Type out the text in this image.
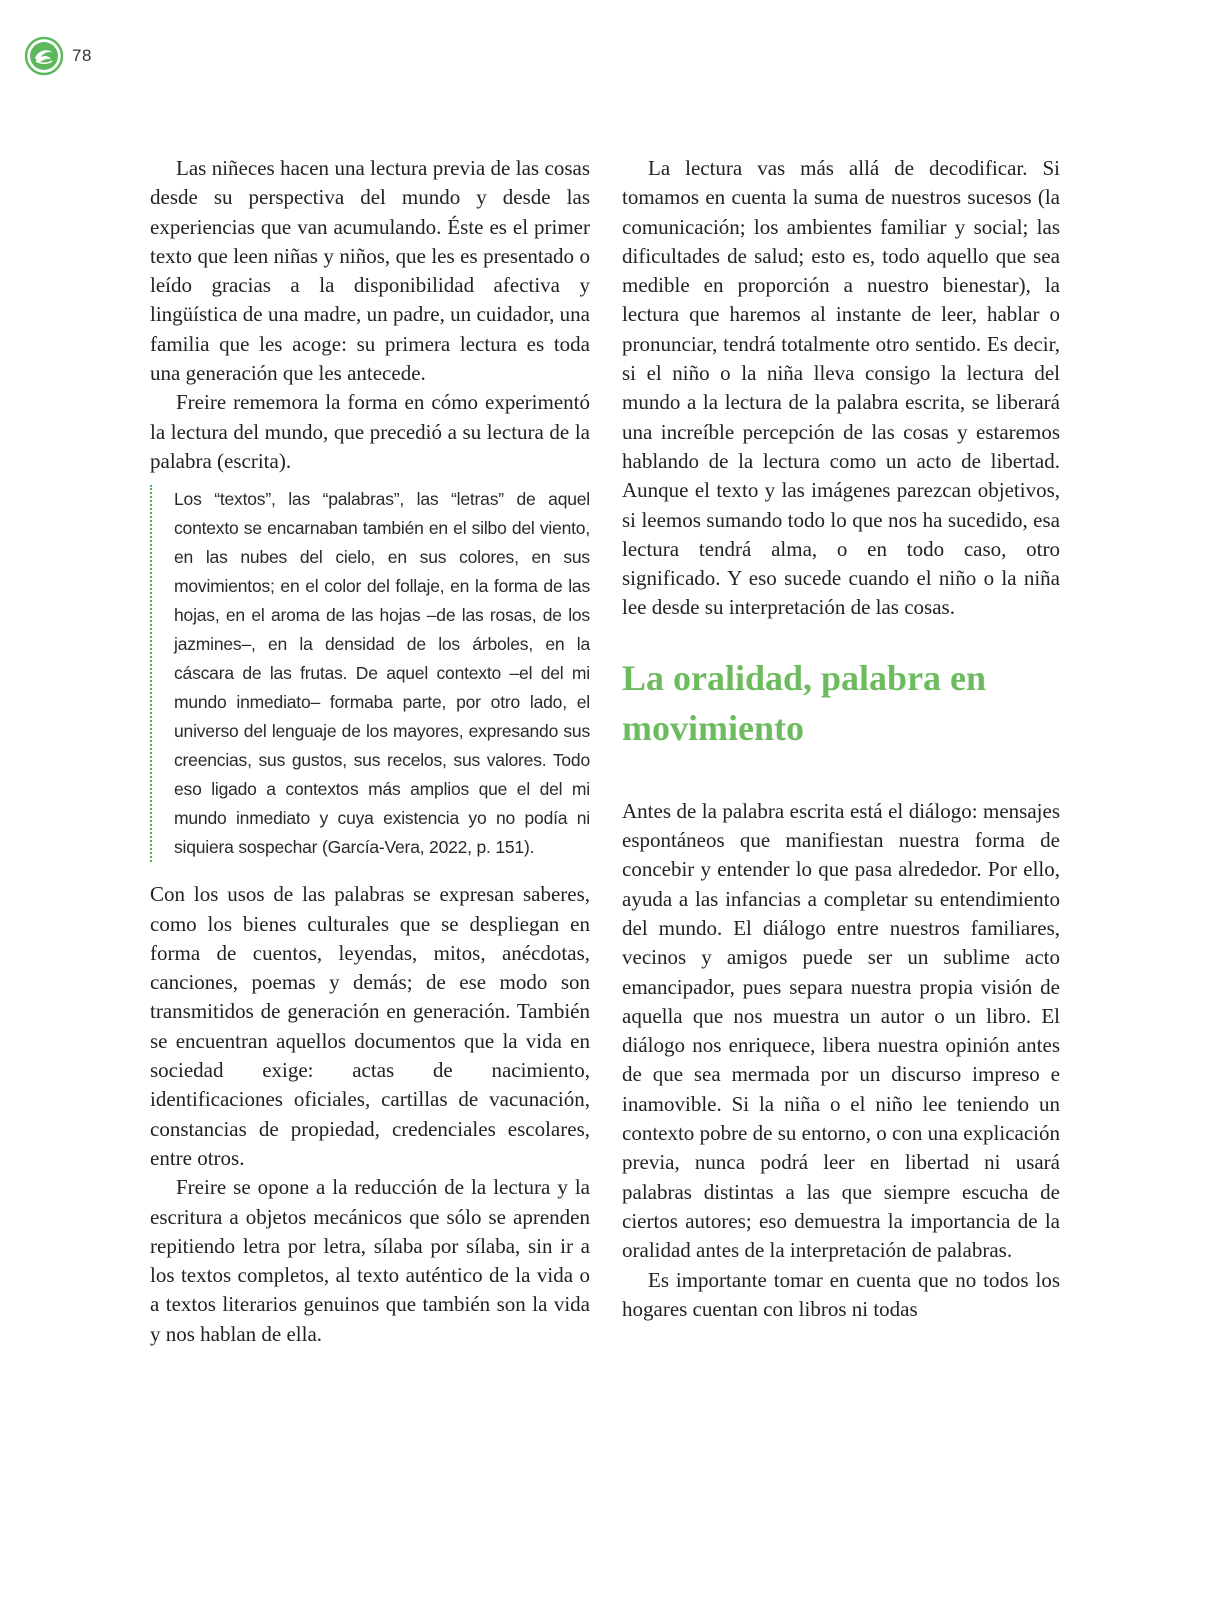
78

Las niñeces hacen una lectura previa de las cosas desde su perspectiva del mundo y desde las experiencias que van acumulando. Éste es el primer texto que leen niñas y niños, que les es presentado o leído gracias a la disponibilidad afectiva y lingüística de una madre, un padre, un cuidador, una familia que les acoge: su primera lectura es toda una generación que les antecede.

Freire rememora la forma en cómo experimentó la lectura del mundo, que precedió a su lectura de la palabra (escrita).

Los “textos”, las “palabras”, las “letras” de aquel contexto se encarnaban también en el silbo del viento, en las nubes del cielo, en sus colores, en sus movimientos; en el color del follaje, en la forma de las hojas, en el aroma de las hojas –de las rosas, de los jazmines–, en la densidad de los árboles, en la cáscara de las frutas. De aquel contexto –el del mi mundo inmediato– formaba parte, por otro lado, el universo del lenguaje de los mayores, expresando sus creencias, sus gustos, sus recelos, sus valores. Todo eso ligado a contextos más amplios que el del mi mundo inmediato y cuya existencia yo no podía ni siquiera sospechar (García-Vera, 2022, p. 151).

Con los usos de las palabras se expresan saberes, como los bienes culturales que se despliegan en forma de cuentos, leyendas, mitos, anécdotas, canciones, poemas y demás; de ese modo son transmitidos de generación en generación. También se encuentran aquellos documentos que la vida en sociedad exige: actas de nacimiento, identificaciones oficiales, cartillas de vacunación, constancias de propiedad, credenciales escolares, entre otros.

Freire se opone a la reducción de la lectura y la escritura a objetos mecánicos que sólo se aprenden repitiendo letra por letra, sílaba por sílaba, sin ir a los textos completos, al texto auténtico de la vida o a textos literarios genuinos que también son la vida y nos hablan de ella.

La lectura vas más allá de decodificar. Si tomamos en cuenta la suma de nuestros sucesos (la comunicación; los ambientes familiar y social; las dificultades de salud; esto es, todo aquello que sea medible en proporción a nuestro bienestar), la lectura que haremos al instante de leer, hablar o pronunciar, tendrá totalmente otro sentido. Es decir, si el niño o la niña lleva consigo la lectura del mundo a la lectura de la palabra escrita, se liberará una increíble percepción de las cosas y estaremos hablando de la lectura como un acto de libertad. Aunque el texto y las imágenes parezcan objetivos, si leemos sumando todo lo que nos ha sucedido, esa lectura tendrá alma, o en todo caso, otro significado. Y eso sucede cuando el niño o la niña lee desde su interpretación de las cosas.

La oralidad, palabra en movimiento

Antes de la palabra escrita está el diálogo: mensajes espontáneos que manifiestan nuestra forma de concebir y entender lo que pasa alrededor. Por ello, ayuda a las infancias a completar su entendimiento del mundo. El diálogo entre nuestros familiares, vecinos y amigos puede ser un sublime acto emancipador, pues separa nuestra propia visión de aquella que nos muestra un autor o un libro. El diálogo nos enriquece, libera nuestra opinión antes de que sea mermada por un discurso impreso e inamovible. Si la niña o el niño lee teniendo un contexto pobre de su entorno, o con una explicación previa, nunca podrá leer en libertad ni usará palabras distintas a las que siempre escucha de ciertos autores; eso demuestra la importancia de la oralidad antes de la interpretación de palabras.

Es importante tomar en cuenta que no todos los hogares cuentan con libros ni todas
